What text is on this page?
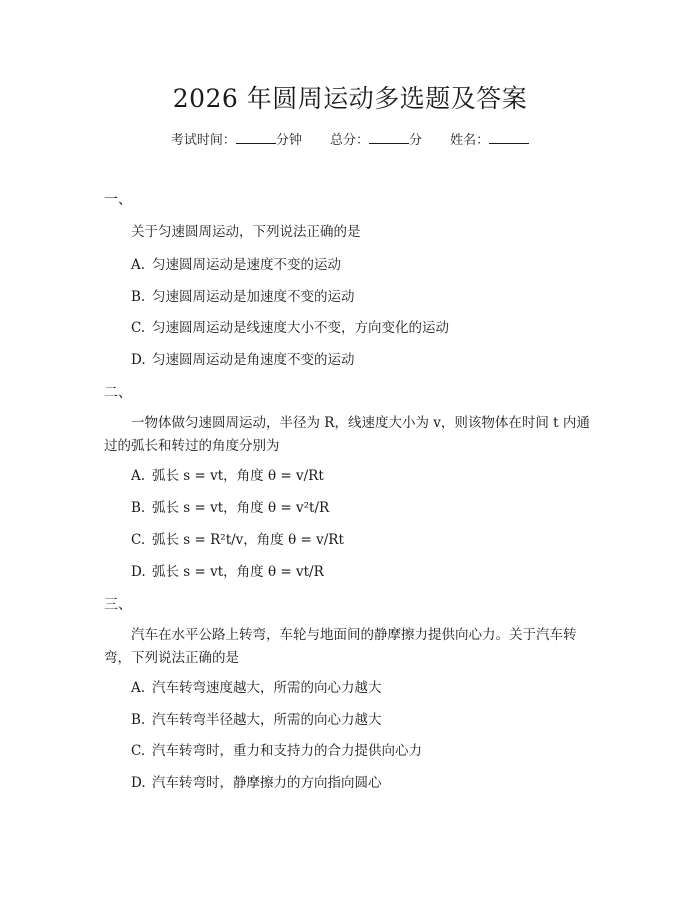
2026 年圆周运动多选题及答案
考试时间：	分钟 总分：	分 姓名：
一、
关于匀速圆周运动，下列说法正确的是
A. 匀速圆周运动是速度不变的运动
B. 匀速圆周运动是加速度不变的运动
C. 匀速圆周运动是线速度大小不变，方向变化的运动
D. 匀速圆周运动是角速度不变的运动
二、
一物体做匀速圆周运动，半径为 R，线速度大小为 v，则该物体在时间 t 内通过的弧长和转过的角度分别为
A. 弧长 s = vt，角度 θ = v/Rt
B. 弧长 s = vt，角度 θ = v²t/R
C. 弧长 s = R²t/v，角度 θ = v/Rt
D. 弧长 s = vt，角度 θ = vt/R
三、
汽车在水平公路上转弯，车轮与地面间的静摩擦力提供向心力。关于汽车转弯，下列说法正确的是
A. 汽车转弯速度越大，所需的向心力越大
B. 汽车转弯半径越大，所需的向心力越大
C. 汽车转弯时，重力和支持力的合力提供向心力
D. 汽车转弯时，静摩擦力的方向指向圆心
